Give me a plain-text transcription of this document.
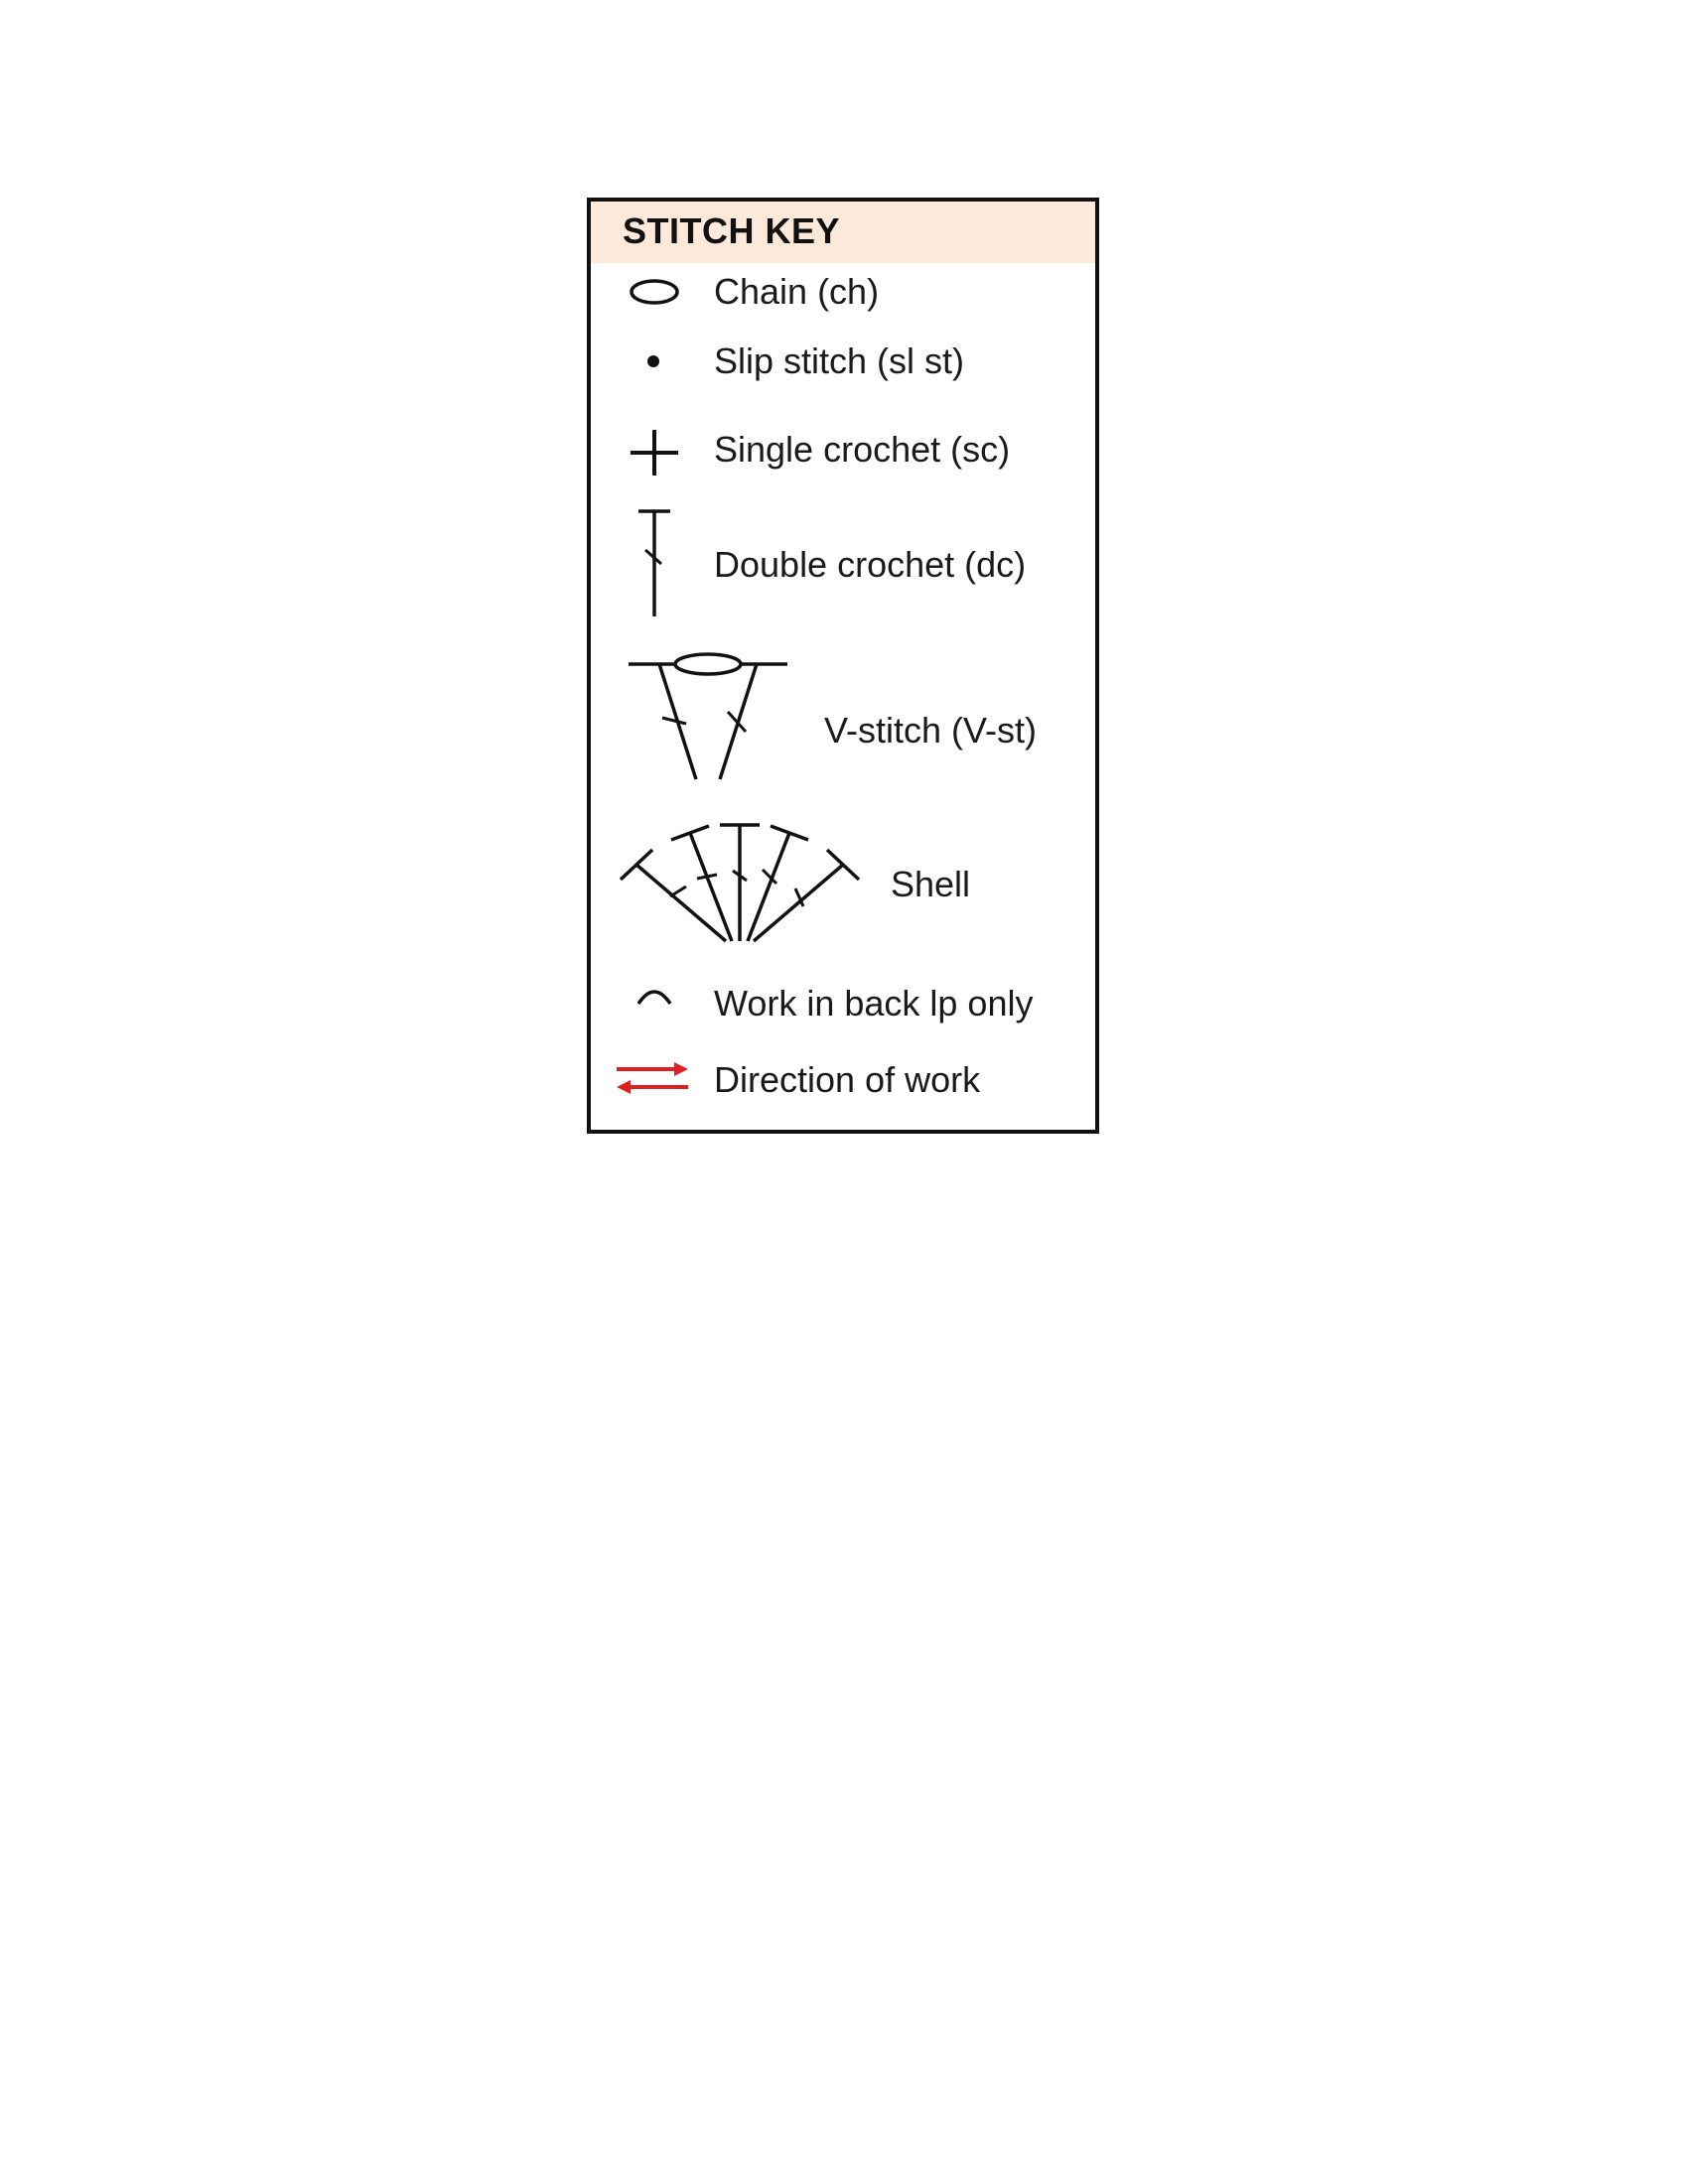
STITCH KEY
Chain (ch)
Slip stitch (sl st)
Single crochet (sc)
Double crochet (dc)
V-stitch (V-st)
Shell
Work in back lp only
Direction of work
